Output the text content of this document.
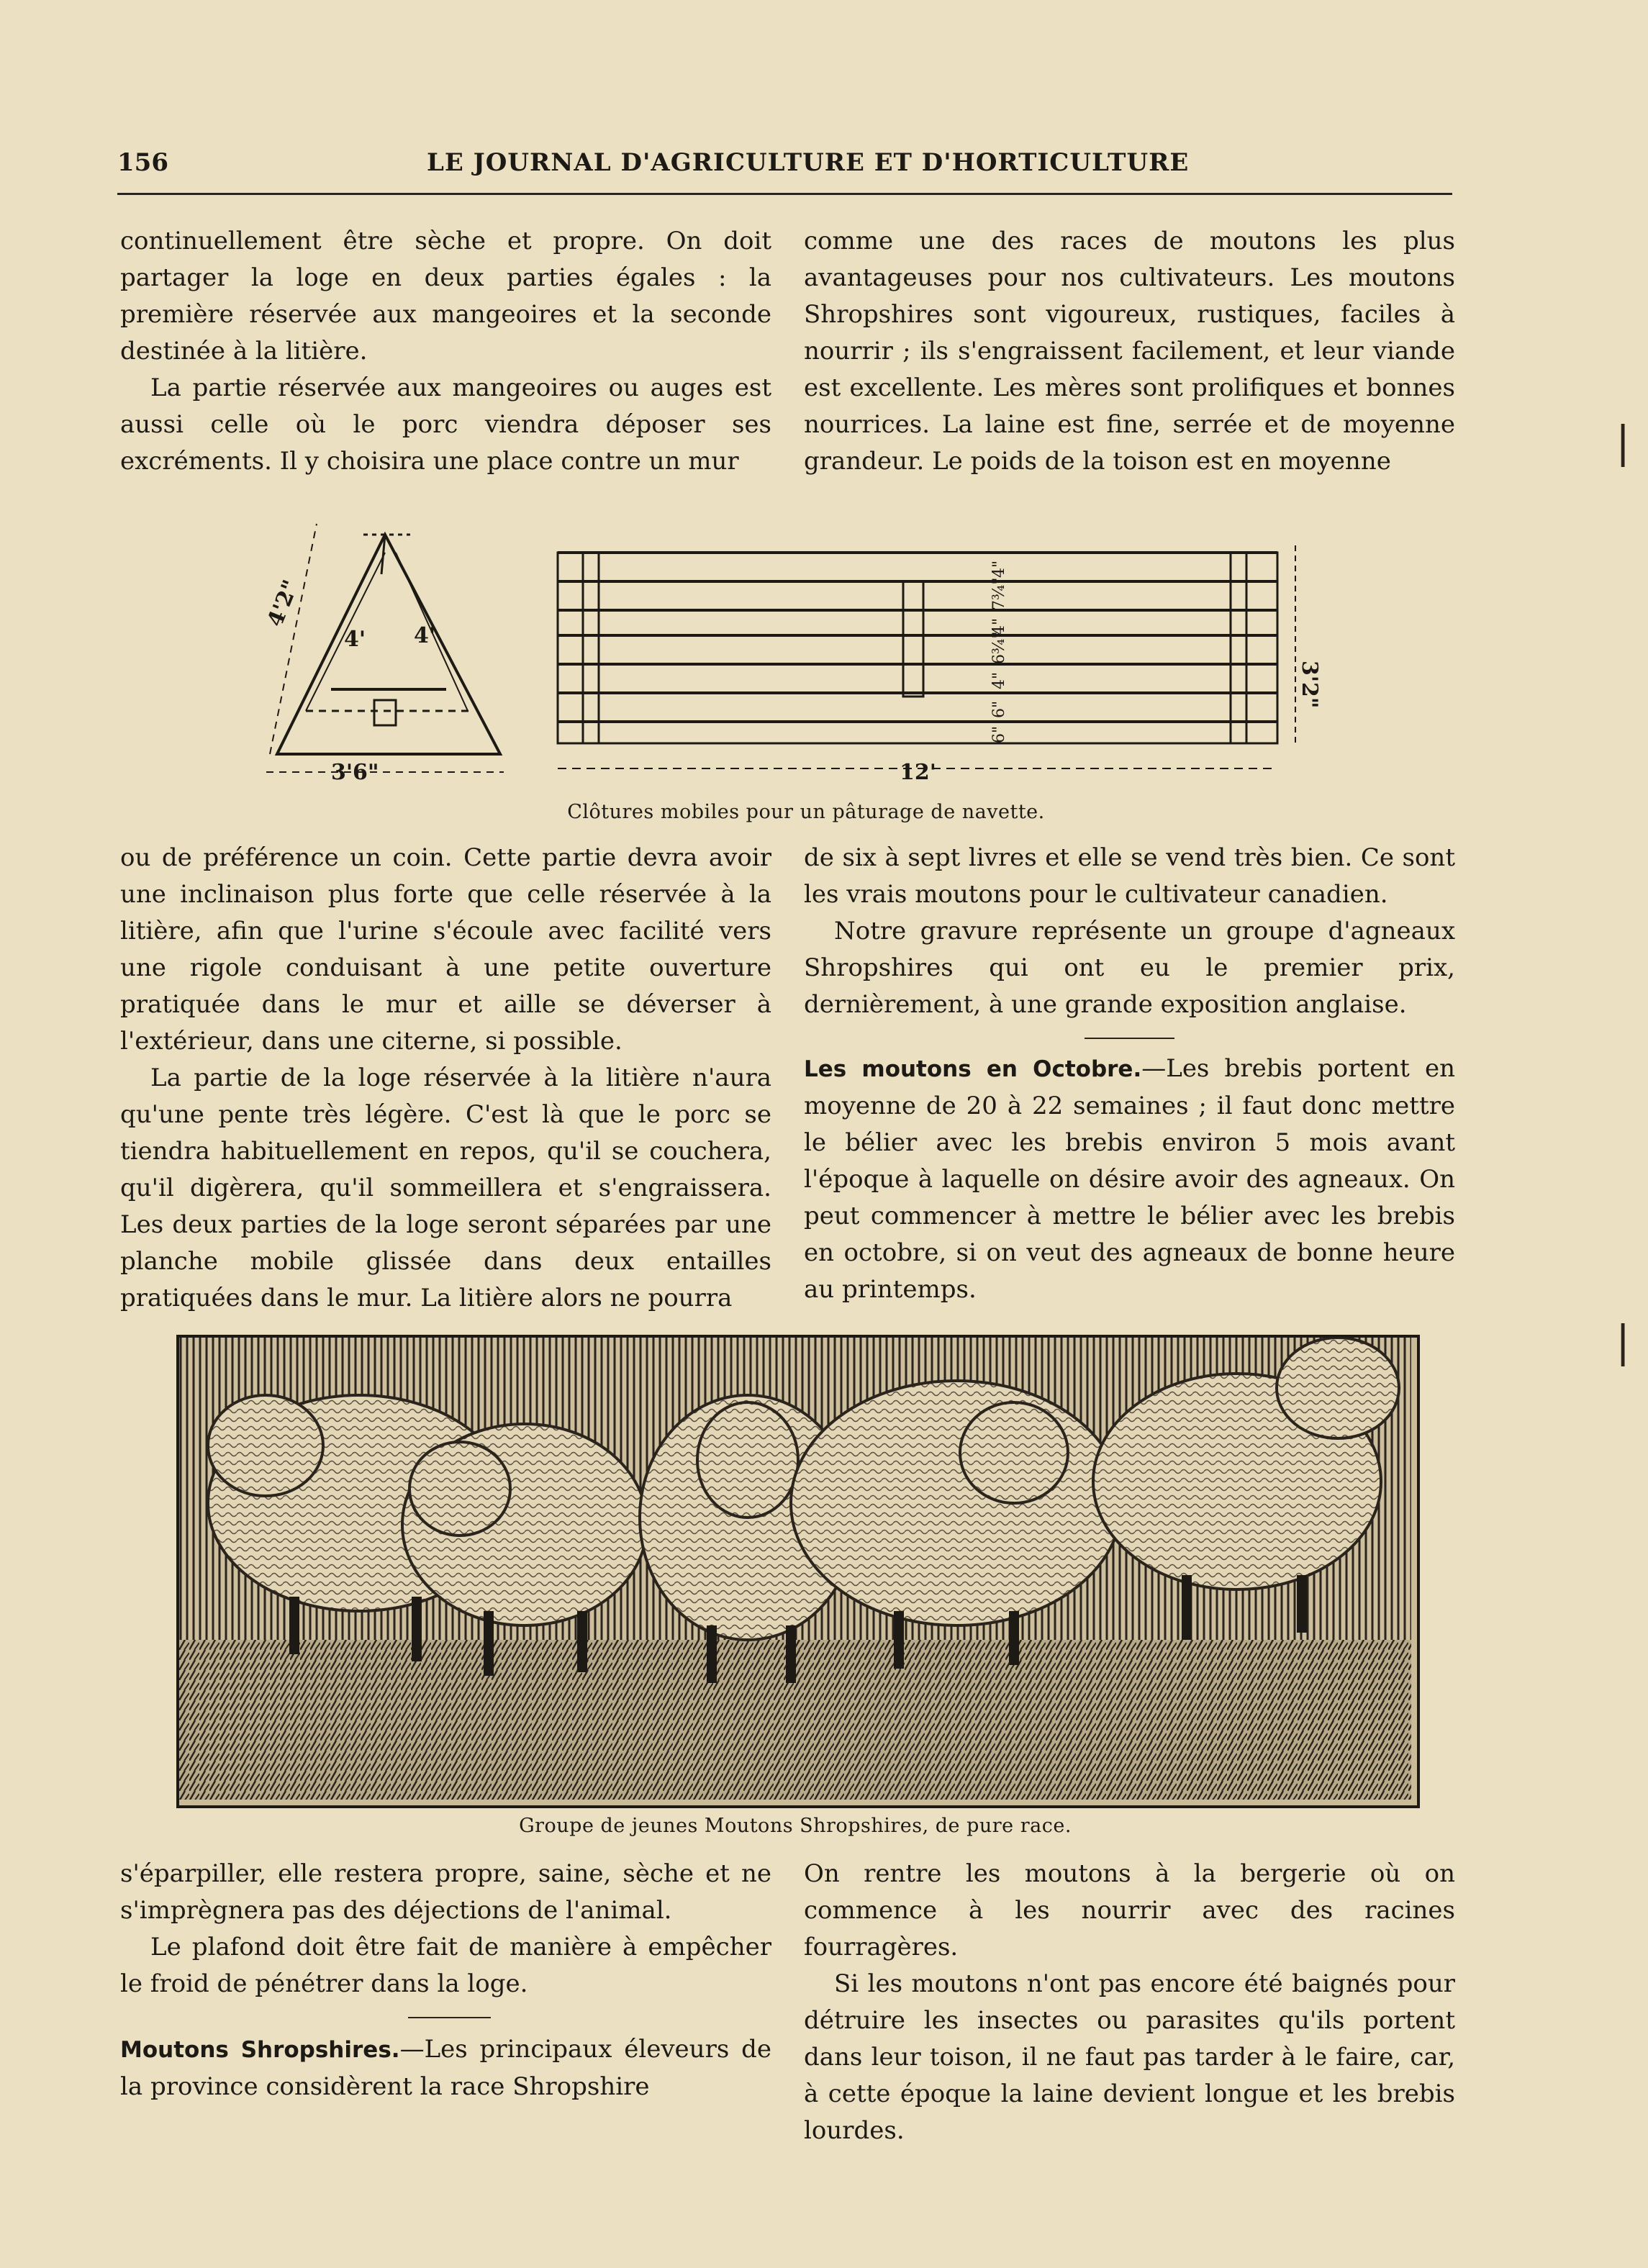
156	LE JOURNAL D'AGRICULTURE ET D'HORTICULTURE

continuellement être sèche et propre. On doit partager la loge en deux parties égales : la première réservée aux mangeoires et la seconde destinée à la litière.

La partie réservée aux mangeoires ou auges est aussi celle où le porc viendra déposer ses excréments. Il y choisira une place contre un mur

comme une des races de moutons les plus avantageuses pour nos cultivateurs. Les moutons Shropshires sont vigoureux, rustiques, faciles à nourrir ; ils s'engraissent facilement, et leur viande est excellente. Les mères sont prolifiques et bonnes nourrices. La laine est fine, serrée et de moyenne grandeur. Le poids de la toison est en moyenne

3'6"
4'2"
4' 4'
12'
3'2"
4"
7¾"
4"
6¾"
4"
6"
6"
Clôtures mobiles pour un pâturage de navette.

ou de préférence un coin. Cette partie devra avoir une inclinaison plus forte que celle réservée à la litière, afin que l'urine s'écoule avec facilité vers une rigole conduisant à une petite ouverture pratiquée dans le mur et aille se déverser à l'extérieur, dans une citerne, si possible.

La partie de la loge réservée à la litière n'aura qu'une pente très légère. C'est là que le porc se tiendra habituellement en repos, qu'il se couchera, qu'il digèrera, qu'il sommeillera et s'engraissera. Les deux parties de la loge seront séparées par une planche mobile glissée dans deux entailles pratiquées dans le mur. La litière alors ne pourra

de six à sept livres et elle se vend très bien. Ce sont les vrais moutons pour le cultivateur canadien.

Notre gravure représente un groupe d'agneaux Shropshires qui ont eu le premier prix, dernièrement, à une grande exposition anglaise.

Les moutons en Octobre.—Les brebis portent en moyenne de 20 à 22 semaines ; il faut donc mettre le bélier avec les brebis environ 5 mois avant l'époque à laquelle on désire avoir des agneaux. On peut commencer à mettre le bélier avec les brebis en octobre, si on veut des agneaux de bonne heure au printemps.

Groupe de jeunes Moutons Shropshires, de pure race.

s'éparpiller, elle restera propre, saine, sèche et ne s'imprègnera pas des déjections de l'animal.

Le plafond doit être fait de manière à empêcher le froid de pénétrer dans la loge.

Moutons Shropshires.—Les principaux éleveurs de la province considèrent la race Shropshire

On rentre les moutons à la bergerie où on commence à les nourrir avec des racines fourragères.

Si les moutons n'ont pas encore été baignés pour détruire les insectes ou parasites qu'ils portent dans leur toison, il ne faut pas tarder à le faire, car, à cette époque la laine devient longue et les brebis lourdes.

|
|
